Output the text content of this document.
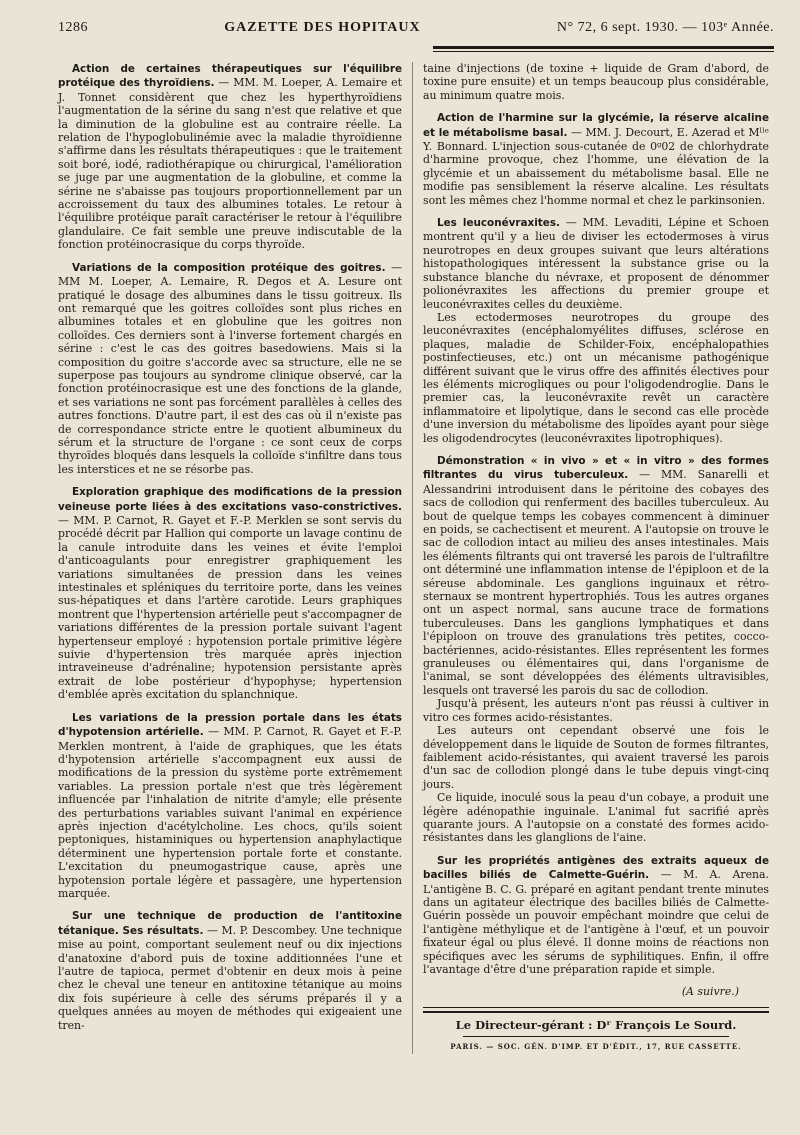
1286	GAZETTE DES HOPITAUX	N° 72, 6 sept. 1930. — 103ᵉ Année.

Action de certaines thérapeutiques sur l'équilibre protéique des thyroïdiens. — MM. M. Loeper, A. Lemaire et J. Tonnet considèrent que chez les hyperthyroïdiens l'augmentation de la sérine du sang n'est que relative et que la diminution de la globuline est au contraire réelle. La relation de l'hypoglobulinémie avec la maladie thyroïdienne s'affirme dans les résultats thérapeutiques : que le traitement soit boré, iodé, radiothérapique ou chirurgical, l'amélioration se juge par une augmentation de la globuline, et comme la sérine ne s'abaisse pas toujours proportionnellement par un accroissement du taux des albumines totales. Le retour à l'équilibre protéique paraît caractériser le retour à l'équilibre glandulaire. Ce fait semble une preuve indiscutable de la fonction protéinocrasique du corps thyroïde.

Variations de la composition protéique des goitres. — MM M. Loeper, A. Lemaire, R. Degos et A. Lesure ont pratiqué le dosage des albumines dans le tissu goitreux. Ils ont remarqué que les goitres colloïdes sont plus riches en albumines totales et en globuline que les goitres non colloïdes. Ces derniers sont à l'inverse fortement chargés en sérine : c'est le cas des goitres basedowiens. Mais si la composition du goitre s'accorde avec sa structure, elle ne se superpose pas toujours au syndrome clinique observé, car la fonction protéinocrasique est une des fonctions de la glande, et ses variations ne sont pas forcément parallèles à celles des autres fonctions. D'autre part, il est des cas où il n'existe pas de correspondance stricte entre le quotient albumineux du sérum et la structure de l'organe : ce sont ceux de corps thyroïdes bloqués dans lesquels la colloïde s'infiltre dans tous les interstices et ne se résorbe pas.

Exploration graphique des modifications de la pression veineuse porte liées à des excitations vaso-constrictives. — MM. P. Carnot, R. Gayet et F.-P. Merklen se sont servis du procédé décrit par Hallion qui comporte un lavage continu de la canule introduite dans les veines et évite l'emploi d'anticoagulants pour enregistrer graphiquement les variations simultanées de pression dans les veines intestinales et spléniques du territoire porte, dans les veines sus-hépatiques et dans l'artère carotide. Leurs graphiques montrent que l'hypertension artérielle peut s'accompagner de variations différentes de la pression portale suivant l'agent hypertenseur employé : hypotension portale primitive légère suivie d'hypertension très marquée après injection intraveineuse d'adrénaline; hypotension persistante après extrait de lobe postérieur d'hypophyse; hypertension d'emblée après excitation du splanchnique.

Les variations de la pression portale dans les états d'hypotension artérielle. — MM. P. Carnot, R. Gayet et F.-P. Merklen montrent, à l'aide de graphiques, que les états d'hypotension artérielle s'accompagnent eux aussi de modifications de la pression du système porte extrêmement variables. La pression portale n'est que très légèrement influencée par l'inhalation de nitrite d'amyle; elle présente des perturbations variables suivant l'animal en expérience après injection d'acétylcholine. Les chocs, qu'ils soient peptoniques, histaminiques ou hypertension anaphylactique déterminent une hypertension portale forte et constante. L'excitation du pneumogastrique cause, après une hypotension portale légère et passagère, une hypertension marquée.

Sur une technique de production de l'antitoxine tétanique. Ses résultats. — M. P. Descombey. Une technique mise au point, comportant seulement neuf ou dix injections d'anatoxine d'abord puis de toxine additionnées l'une et l'autre de tapioca, permet d'obtenir en deux mois à peine chez le cheval une teneur en antitoxine tétanique au moins dix fois supérieure à celle des sérums préparés il y a quelques années au moyen de méthodes qui exigeaient une tren-

taine d'injections (de toxine + liquide de Gram d'abord, de toxine pure ensuite) et un temps beaucoup plus considérable, au minimum quatre mois.

Action de l'harmine sur la glycémie, la réserve alcaline et le métabolisme basal. — MM. J. Decourt, E. Azerad et Mˡˡᵉ Y. Bonnard. L'injection sous-cutanée de 0ᵍ02 de chlorhydrate d'harmine provoque, chez l'homme, une élévation de la glycémie et un abaissement du métabolisme basal. Elle ne modifie pas sensiblement la réserve alcaline. Les résultats sont les mêmes chez l'homme normal et chez le parkinsonien.

Les leuconévraxites. — MM. Levaditi, Lépine et Schoen montrent qu'il y a lieu de diviser les ectodermoses à virus neurotropes en deux groupes suivant que leurs altérations histopathologiques intéressent la substance grise ou la substance blanche du névraxe, et proposent de dénommer polionévraxites les affections du premier groupe et leuconévraxites celles du deuxième.

Les ectodermoses neurotropes du groupe des leuconévraxites (encéphalomyélites diffuses, sclérose en plaques, maladie de Schilder-Foix, encéphalopathies postinfectieuses, etc.) ont un mécanisme pathogénique différent suivant que le virus offre des affinités électives pour les éléments microgliques ou pour l'oligodendroglie. Dans le premier cas, la leuconévraxite revêt un caractère inflammatoire et lipolytique, dans le second cas elle procède d'une inversion du métabolisme des lipoïdes ayant pour siège les oligodendrocytes (leuconévraxites lipotrophiques).

Démonstration « in vivo » et « in vitro » des formes filtrantes du virus tuberculeux. — MM. Sanarelli et Alessandrini introduisent dans le péritoine des cobayes des sacs de collodion qui renferment des bacilles tuberculeux. Au bout de quelque temps les cobayes commencent à diminuer en poids, se cachectisent et meurent. A l'autopsie on trouve le sac de collodion intact au milieu des anses intestinales. Mais les éléments filtrants qui ont traversé les parois de l'ultrafiltre ont déterminé une inflammation intense de l'épiploon et de la séreuse abdominale. Les ganglions inguinaux et rétro-sternaux se montrent hypertrophiés. Tous les autres organes ont un aspect normal, sans aucune trace de formations tuberculeuses. Dans les ganglions lymphatiques et dans l'épiploon on trouve des granulations très petites, cocco-bactériennes, acido-résistantes. Elles représentent les formes granuleuses ou élémentaires qui, dans l'organisme de l'animal, se sont développées des éléments ultravisibles, lesquels ont traversé les parois du sac de collodion.

Jusqu'à présent, les auteurs n'ont pas réussi à cultiver in vitro ces formes acido-résistantes.

Les auteurs ont cependant observé une fois le développement dans le liquide de Souton de formes filtrantes, faiblement acido-résistantes, qui avaient traversé les parois d'un sac de collodion plongé dans le tube depuis vingt-cinq jours.

Ce liquide, inoculé sous la peau d'un cobaye, a produit une légère adénopathie inguinale. L'animal fut sacrifié après quarante jours. A l'autopsie on a constaté des formes acido-résistantes dans les glanglions de l'aine.

Sur les propriétés antigènes des extraits aqueux de bacilles biliés de Calmette-Guérin. — M. A. Arena. L'antigène B. C. G. préparé en agitant pendant trente minutes dans un agitateur électrique des bacilles biliés de Calmette-Guérin possède un pouvoir empêchant moindre que celui de l'antigène méthylique et de l'antigène à l'œuf, et un pouvoir fixateur égal ou plus élevé. Il donne moins de réactions non spécifiques avec les sérums de syphilitiques. Enfin, il offre l'avantage d'être d'une préparation rapide et simple.

(A suivre.)
Le Directeur-gérant : Dʳ François Le Sourd.
PARIS. — SOC. GÉN. D'IMP. ET D'ÉDIT., 17, RUE CASSETTE.
